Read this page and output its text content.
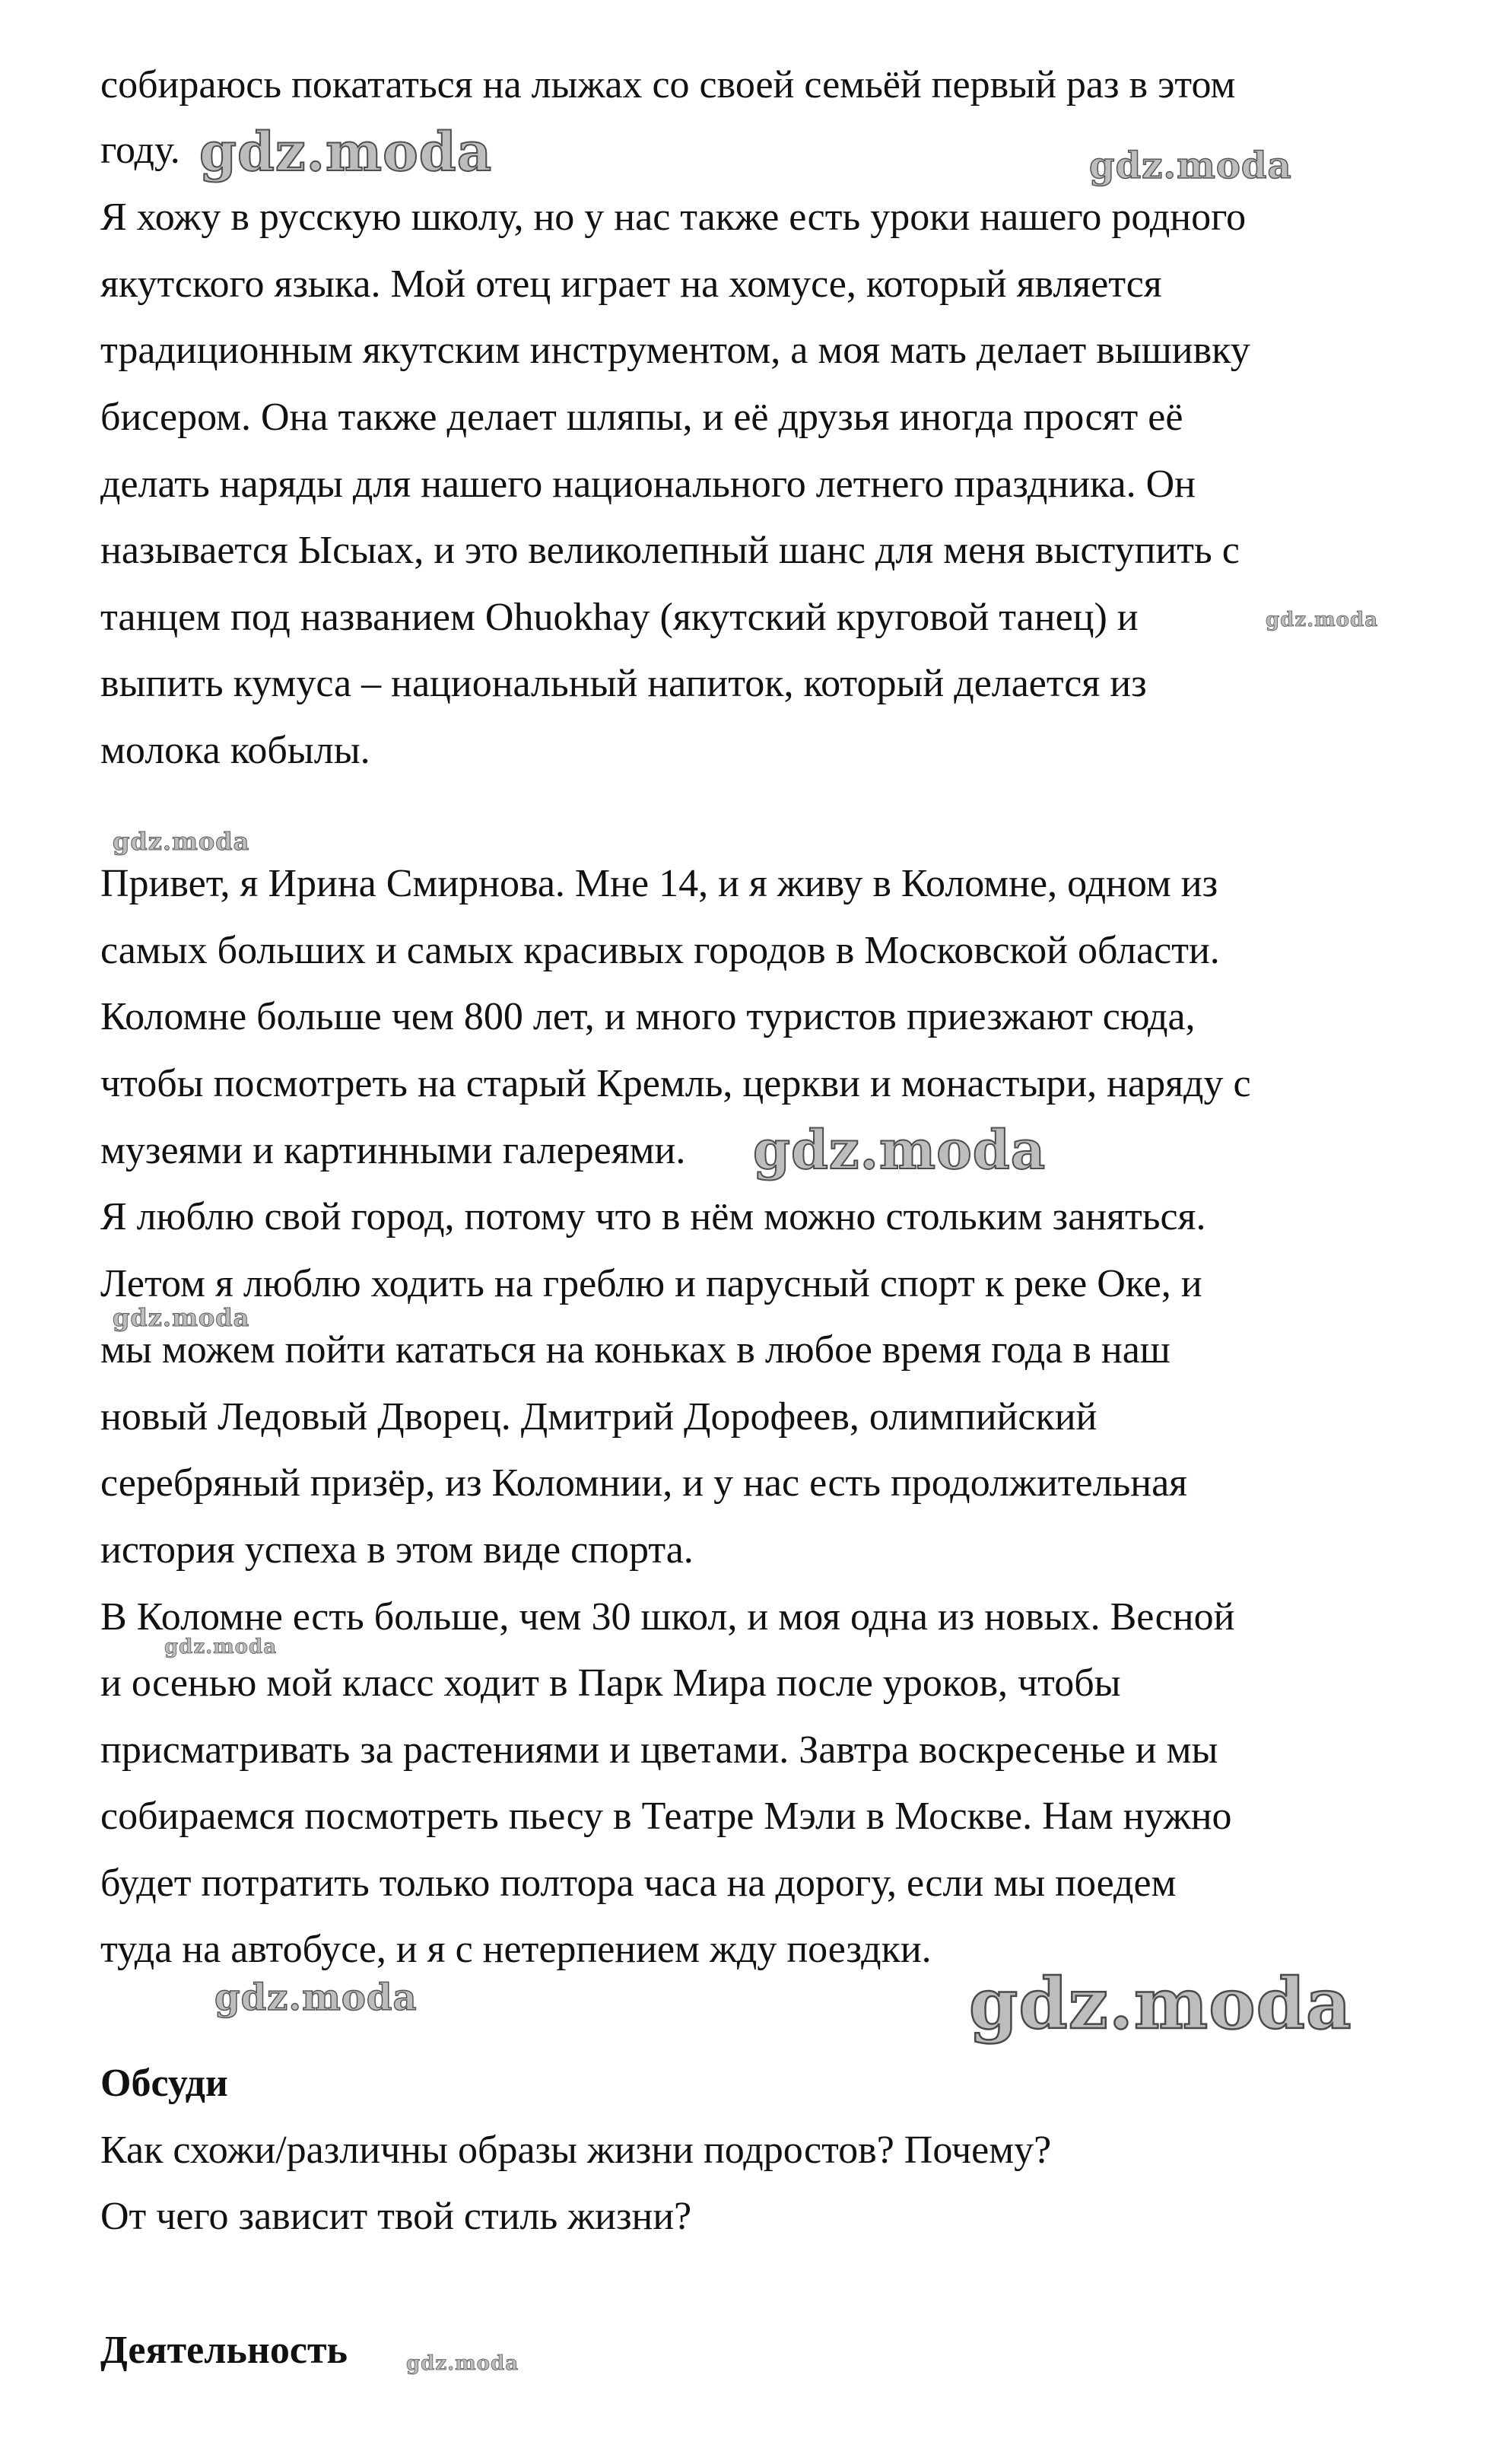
собираюсь покататься на лыжах со своей семьёй первый раз в этом
году.
Я хожу в русскую школу, но у нас также есть уроки нашего родного
якутского языка. Мой отец играет на хомусе, который является
традиционным якутским инструментом, а моя мать делает вышивку
бисером. Она также делает шляпы, и её друзья иногда просят её
делать наряды для нашего национального летнего праздника. Он
называется Ысыах, и это великолепный шанс для меня выступить с
танцем под названием Ohuokhay (якутский круговой танец) и
выпить кумуса – национальный напиток, который делается из
молока кобылы.
Привет, я Ирина Смирнова. Мне 14, и я живу в Коломне, одном из
самых больших и самых красивых городов в Московской области.
Коломне больше чем 800 лет, и много туристов приезжают сюда,
чтобы посмотреть на старый Кремль, церкви и монастыри, наряду с
музеями и картинными галереями.
Я люблю свой город, потому что в нём можно стольким заняться.
Летом я люблю ходить на греблю и парусный спорт к реке Оке, и
мы можем пойти кататься на коньках в любое время года в наш
новый Ледовый Дворец. Дмитрий Дорофеев, олимпийский
серебряный призёр, из Коломнии, и у нас есть продолжительная
история успеха в этом виде спорта.
В Коломне есть больше, чем 30 школ, и моя одна из новых. Весной
и осенью мой класс ходит в Парк Мира после уроков, чтобы
присматривать за растениями и цветами. Завтра воскресенье и мы
собираемся посмотреть пьесу в Театре Мэли в Москве. Нам нужно
будет потратить только полтора часа на дорогу, если мы поедем
туда на автобусе, и я с нетерпением жду поездки.
Обсуди
Как схожи/различны образы жизни подростов? Почему?
От чего зависит твой стиль жизни?
Деятельность
gdz.moda	gdz.moda
gdz.moda
gdz.moda
gdz.moda
gdz.moda
gdz.moda
gdz.moda	gdz.moda
gdz.moda
